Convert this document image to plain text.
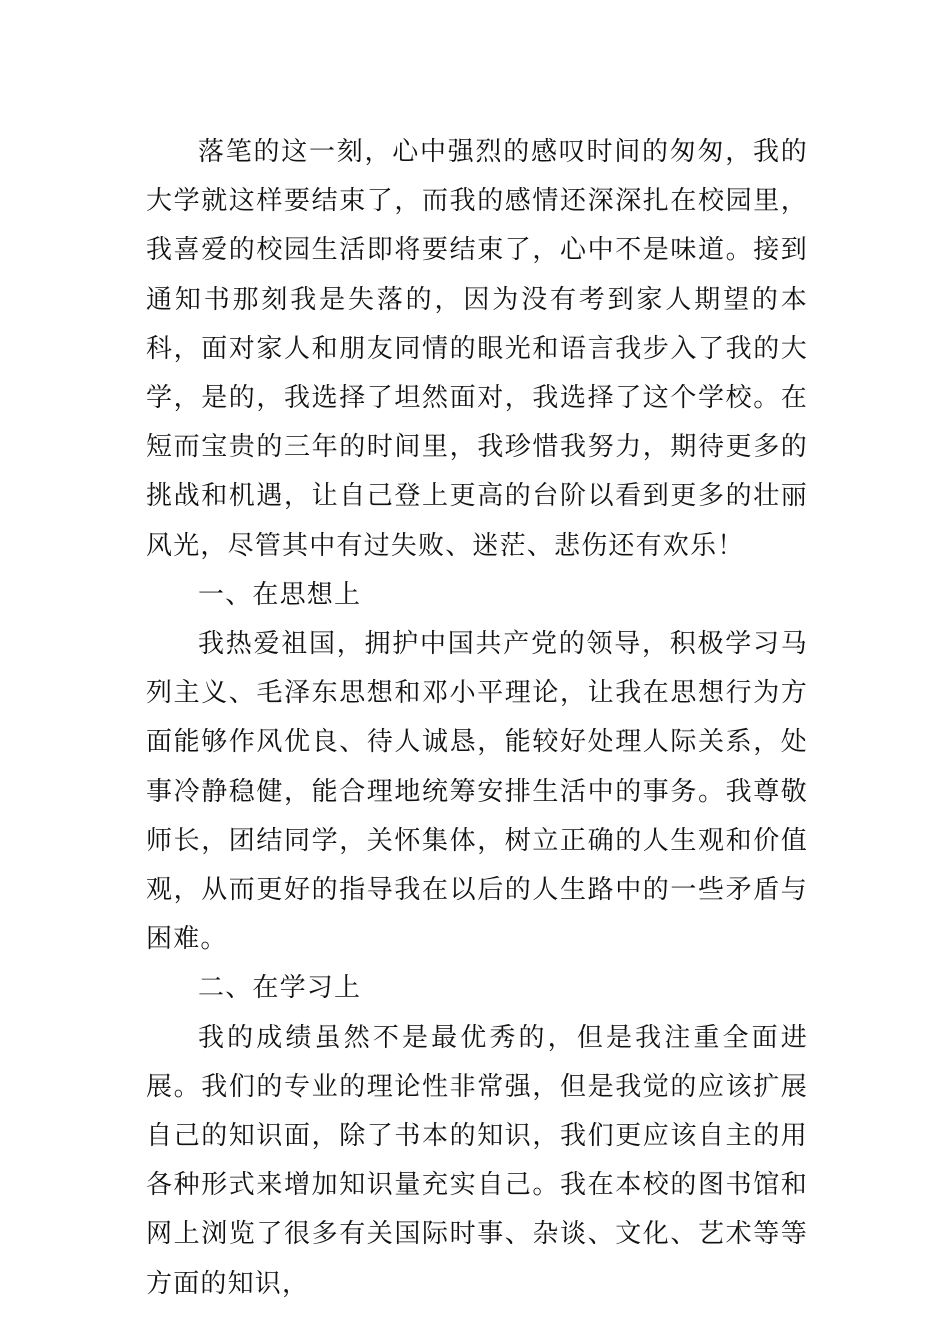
落笔的这一刻，心中强烈的感叹时间的匆匆，我的大学就这样要结束了，而我的感情还深深扎在校园里，我喜爱的校园生活即将要结束了，心中不是味道。接到通知书那刻我是失落的，因为没有考到家人期望的本科，面对家人和朋友同情的眼光和语言我步入了我的大学，是的，我选择了坦然面对，我选择了这个学校。在短而宝贵的三年的时间里，我珍惜我努力，期待更多的挑战和机遇，让自己登上更高的台阶以看到更多的壮丽风光，尽管其中有过失败、迷茫、悲伤还有欢乐！

一、在思想上

我热爱祖国，拥护中国共产党的领导，积极学习马列主义、毛泽东思想和邓小平理论，让我在思想行为方面能够作风优良、待人诚恳，能较好处理人际关系，处事冷静稳健，能合理地统筹安排生活中的事务。我尊敬师长，团结同学，关怀集体，树立正确的人生观和价值观，从而更好的指导我在以后的人生路中的一些矛盾与困难。

二、在学习上

我的成绩虽然不是最优秀的，但是我注重全面进展。我们的专业的理论性非常强，但是我觉的应该扩展自己的知识面，除了书本的知识，我们更应该自主的用各种形式来增加知识量充实自己。我在本校的图书馆和网上浏览了很多有关国际时事、杂谈、文化、艺术等等方面的知识，
